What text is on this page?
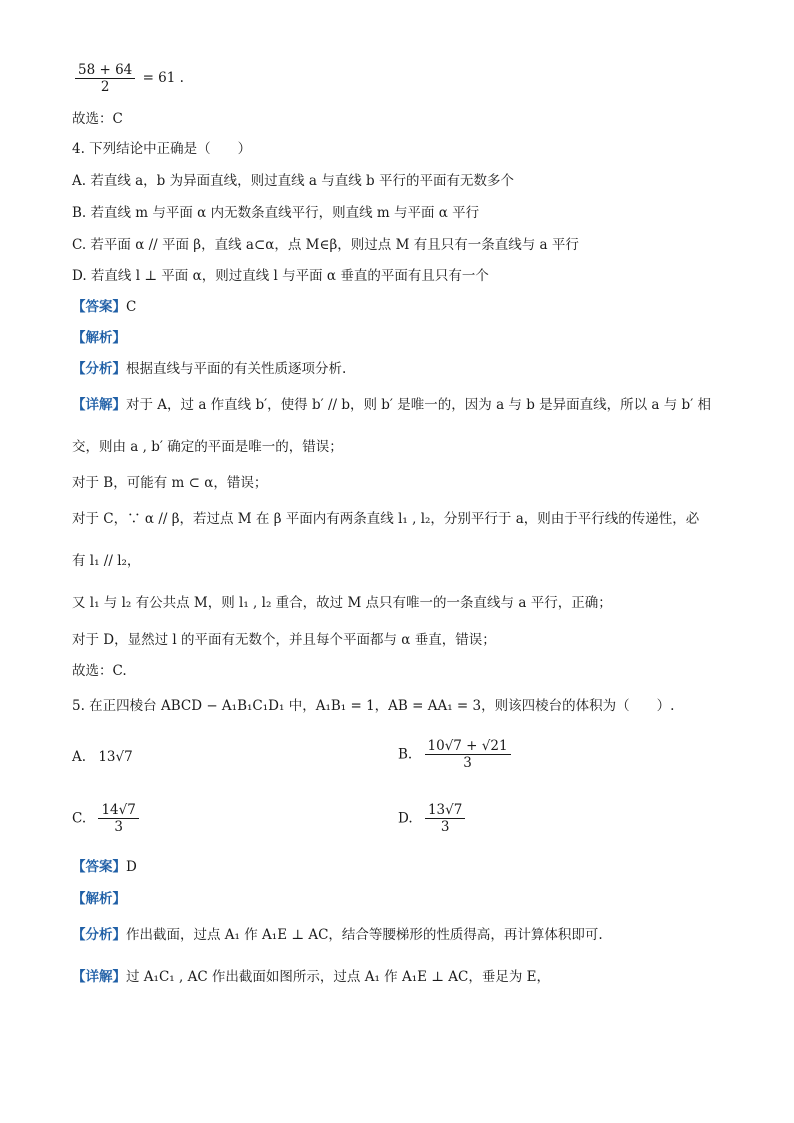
$\frac{58 + 64}{2} = 61$ .
故选：C
4. 下列结论中正确是（　　）
A. 若直线 a，b 为异面直线，则过直线 a 与直线 b 平行的平面有无数多个
B. 若直线 m 与平面 α 内无数条直线平行，则直线 m 与平面 α 平行
C. 若平面 α // 平面 β，直线 a⊂α，点 M∈β，则过点 M 有且只有一条直线与 a 平行
D. 若直线 l ⊥ 平面 α，则过直线 l 与平面 α 垂直的平面有且只有一个
【答案】C
【解析】
【分析】根据直线与平面的有关性质逐项分析.
【详解】对于 A，过 a 作直线 b′，使得 b′ // b，则 b′ 是唯一的，因为 a 与 b 是异面直线，所以 a 与 b′ 相
交，则由 a , b′ 确定的平面是唯一的，错误；
对于 B，可能有 m ⊂ α，错误；
对于 C，∵ α // β，若过点 M 在 β 平面内有两条直线 l₁ , l₂，分别平行于 a，则由于平行线的传递性，必
有 l₁ // l₂，
又 l₁ 与 l₂ 有公共点 M，则 l₁ , l₂ 重合，故过 M 点只有唯一的一条直线与 a 平行，正确；
对于 D，显然过 l 的平面有无数个，并且每个平面都与 α 垂直，错误；
故选：C.
5. 在正四棱台 ABCD − A₁B₁C₁D₁ 中，A₁B₁ = 1，AB = AA₁ = 3，则该四棱台的体积为（　　）.
A. 13√7	B. $\frac{10√7 + √21}{3}$
C. $\frac{14√7}{3}$	D. $\frac{13√7}{3}$
【答案】D
【解析】
【分析】作出截面，过点 A₁ 作 A₁E ⊥ AC，结合等腰梯形的性质得高，再计算体积即可.
【详解】过 A₁C₁ , AC 作出截面如图所示，过点 A₁ 作 A₁E ⊥ AC，垂足为 E，
